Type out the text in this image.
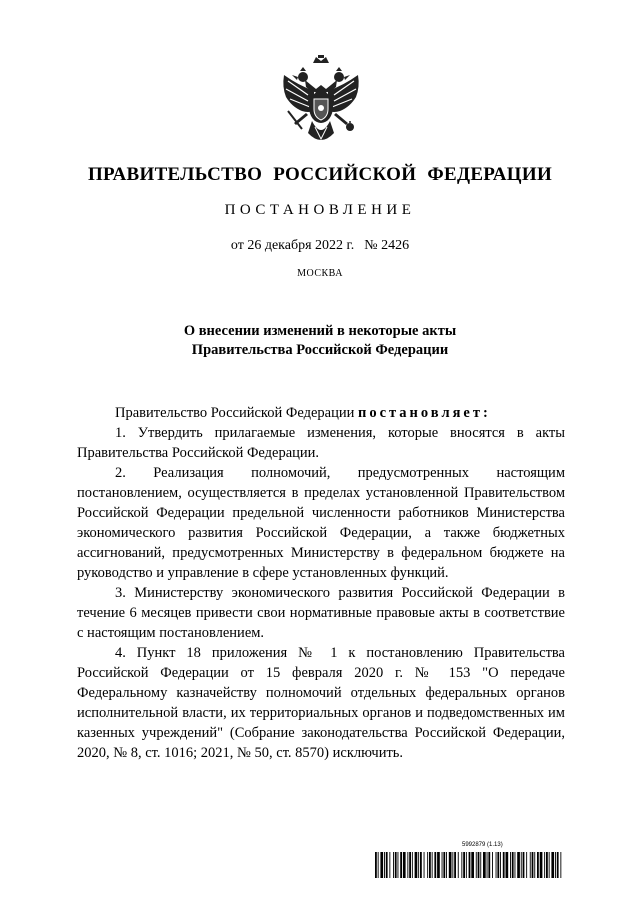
ПРАВИТЕЛЬСТВО РОССИЙСКОЙ ФЕДЕРАЦИИ
ПОСТАНОВЛЕНИЕ
от 26 декабря 2022 г. № 2426
МОСКВА
О внесении изменений в некоторые акты
Правительства Российской Федерации

Правительство Российской Федерации постановляет:

1. Утвердить прилагаемые изменения, которые вносятся в акты Правительства Российской Федерации.

2. Реализация полномочий, предусмотренных настоящим постановлением, осуществляется в пределах установленной Правительством Российской Федерации предельной численности работников Министерства экономического развития Российской Федерации, а также бюджетных ассигнований, предусмотренных Министерству в федеральном бюджете на руководство и управление в сфере установленных функций.

3. Министерству экономического развития Российской Федерации в течение 6 месяцев привести свои нормативные правовые акты в соответствие с настоящим постановлением.

4. Пункт 18 приложения № 1 к постановлению Правительства Российской Федерации от 15 февраля 2020 г. № 153 "О передаче Федеральному казначейству полномочий отдельных федеральных органов исполнительной власти, их территориальных органов и подведомственных им казенных учреждений" (Собрание законодательства Российской Федерации, 2020, № 8, ст. 1016; 2021, № 50, ст. 8570) исключить.

5992879 (1.13)
